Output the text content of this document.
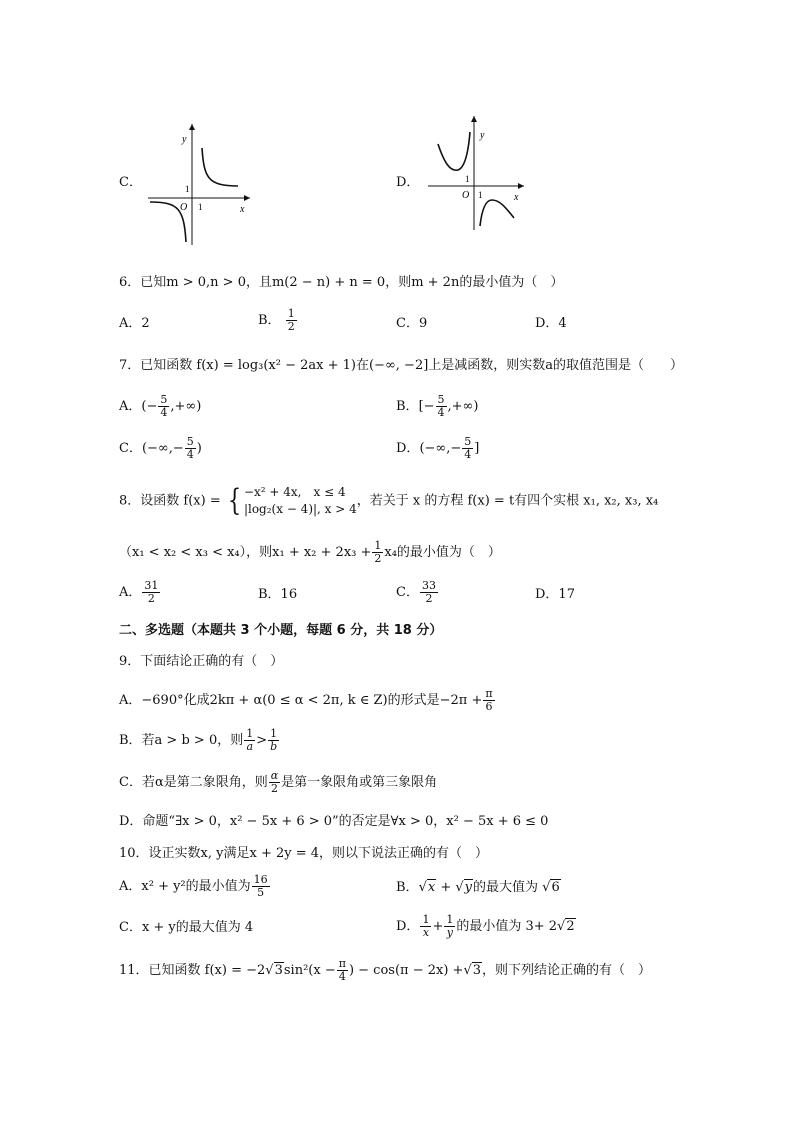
C．
y
x
O 1
1	D．
y
x
O 1
1
6．已知m > 0,n > 0，且m(2 − n) + n = 0，则m + 2n的最小值为（　）
A．2	B． $\frac{1}{2}$	C．9	D．4
7．已知函数 f(x) = log₃(x² − 2ax + 1)在(−∞, −2]上是减函数，则实数a的取值范围是（　　）
A．(− $\frac{5}{4}$ ,+∞)	B．[− $\frac{5}{4}$ ,+∞)
C．(−∞,− $\frac{5}{4}$ )	D．(−∞,− $\frac{5}{4}$ ]
8．设函数 f(x) = { −x² + 4x,　x ≤ 4
|log₂(x − 4)|, x > 4
，若关于 x 的方程 f(x) = t有四个实根 x₁, x₂, x₃, x₄
（x₁ < x₂ < x₃ < x₄），则$x_1 + x_2 + 2x_3 + \frac{1}{2} x_4$的最小值为（　）
A． $\frac{31}{2}$	B．16	C． $\frac{33}{2}$	D．17
二、多选题（本题共 3 个小题，每题 6 分，共 18 分）
9．下面结论正确的有（　）
A．−690°化成2kπ + α(0 ≤ α < 2π, k ∈ Z)的形式是$-2\pi + \frac{\pi}{6}$
B．若a > b > 0，则 $\frac{1}{a} > \frac{1}{b}$
C．若α是第二象限角，则 $\frac{\alpha}{2}$ 是第一象限角或第三象限角
D．命题“∃x > 0，x² − 5x + 6 > 0”的否定是∀x > 0，x² − 5x + 6 ≤ 0
10．设正实数x, y满足x + 2y = 4，则以下说法正确的有（　）
A．x² + y²的最小值为 $\frac{16}{5}$	B．√x + √y的最大值为 √6
C．x + y的最大值为 4	D． $\frac{1}{x} + \frac{1}{y}$ 的最小值为 3+ 2√2
11．已知函数 $f(x) = -2√3\sin^2(x - \frac{\pi}{4}$ ) − cos(π − 2x) +√3，则下列结论正确的有（　）
